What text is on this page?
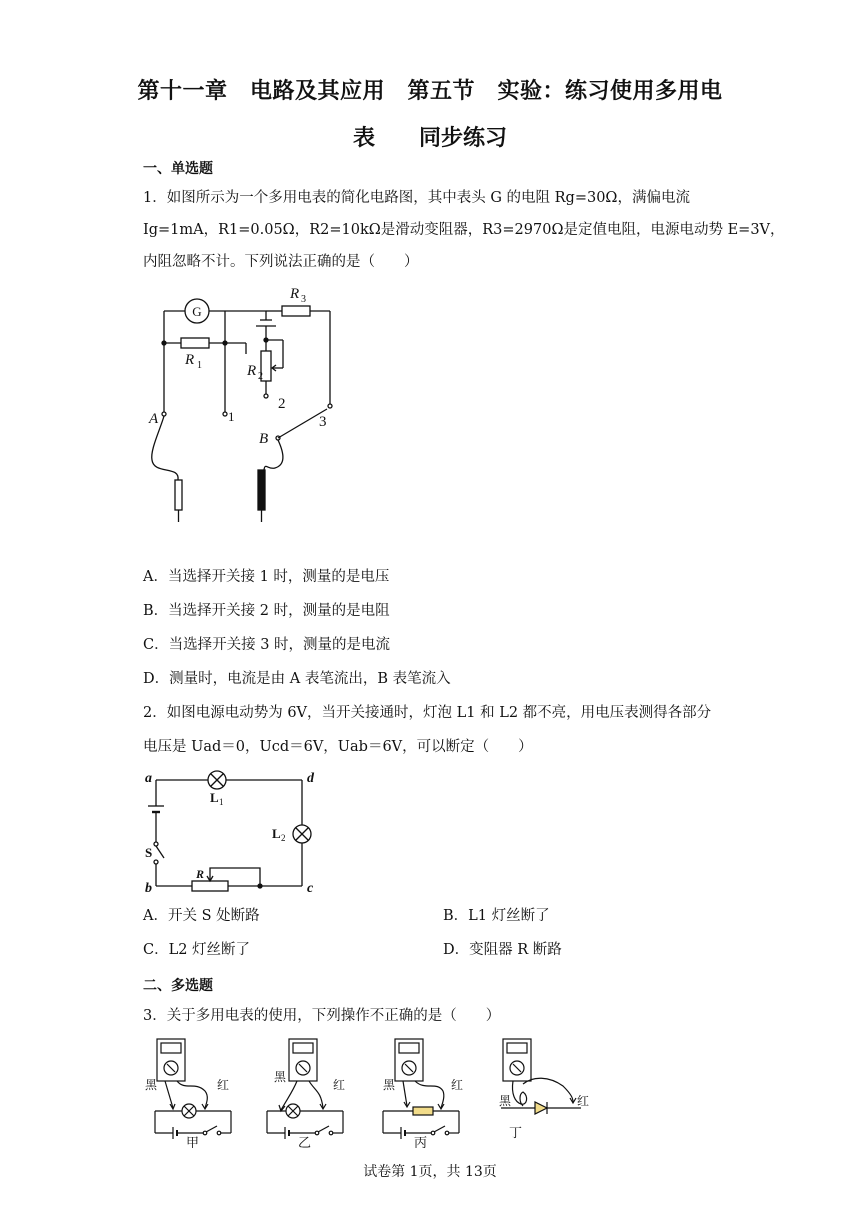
第十一章　电路及其应用　第五节　实验：练习使用多用电
表 同步练习
一、单选题
1．如图所示为一个多用电表的简化电路图，其中表头 G 的电阻 Rg=30Ω，满偏电流
Ig=1mA，R1=0.05Ω，R2=10kΩ是滑动变阻器，R3=2970Ω是定值电阻，电源电动势 E=3V，
内阻忽略不计。下列说法正确的是（　　）
G
R 1
R 3
R 2
2
1	3
A
B
A．当选择开关接 1 时，测量的是电压
B．当选择开关接 2 时，测量的是电阻
C．当选择开关接 3 时，测量的是电流
D．测量时，电流是由 A 表笔流出，B 表笔流入
2．如图电源电动势为 6V，当开关接通时，灯泡 L1 和 L2 都不亮，用电压表测得各部分
电压是 Uad＝0，Ucd＝6V，Uab＝6V，可以断定（　　）
a	d
b	c
L 1
L 2
S
R
A．开关 S 处断路	B．L1 灯丝断了
C．L2 灯丝断了	D．变阻器 R 断路
二、多选题
3．关于多用电表的使用，下列操作不正确的是（　　）
黑	红
甲
黑
红
乙
黑	红
丙
黑	红
丁
试卷第 1页，共 13页
